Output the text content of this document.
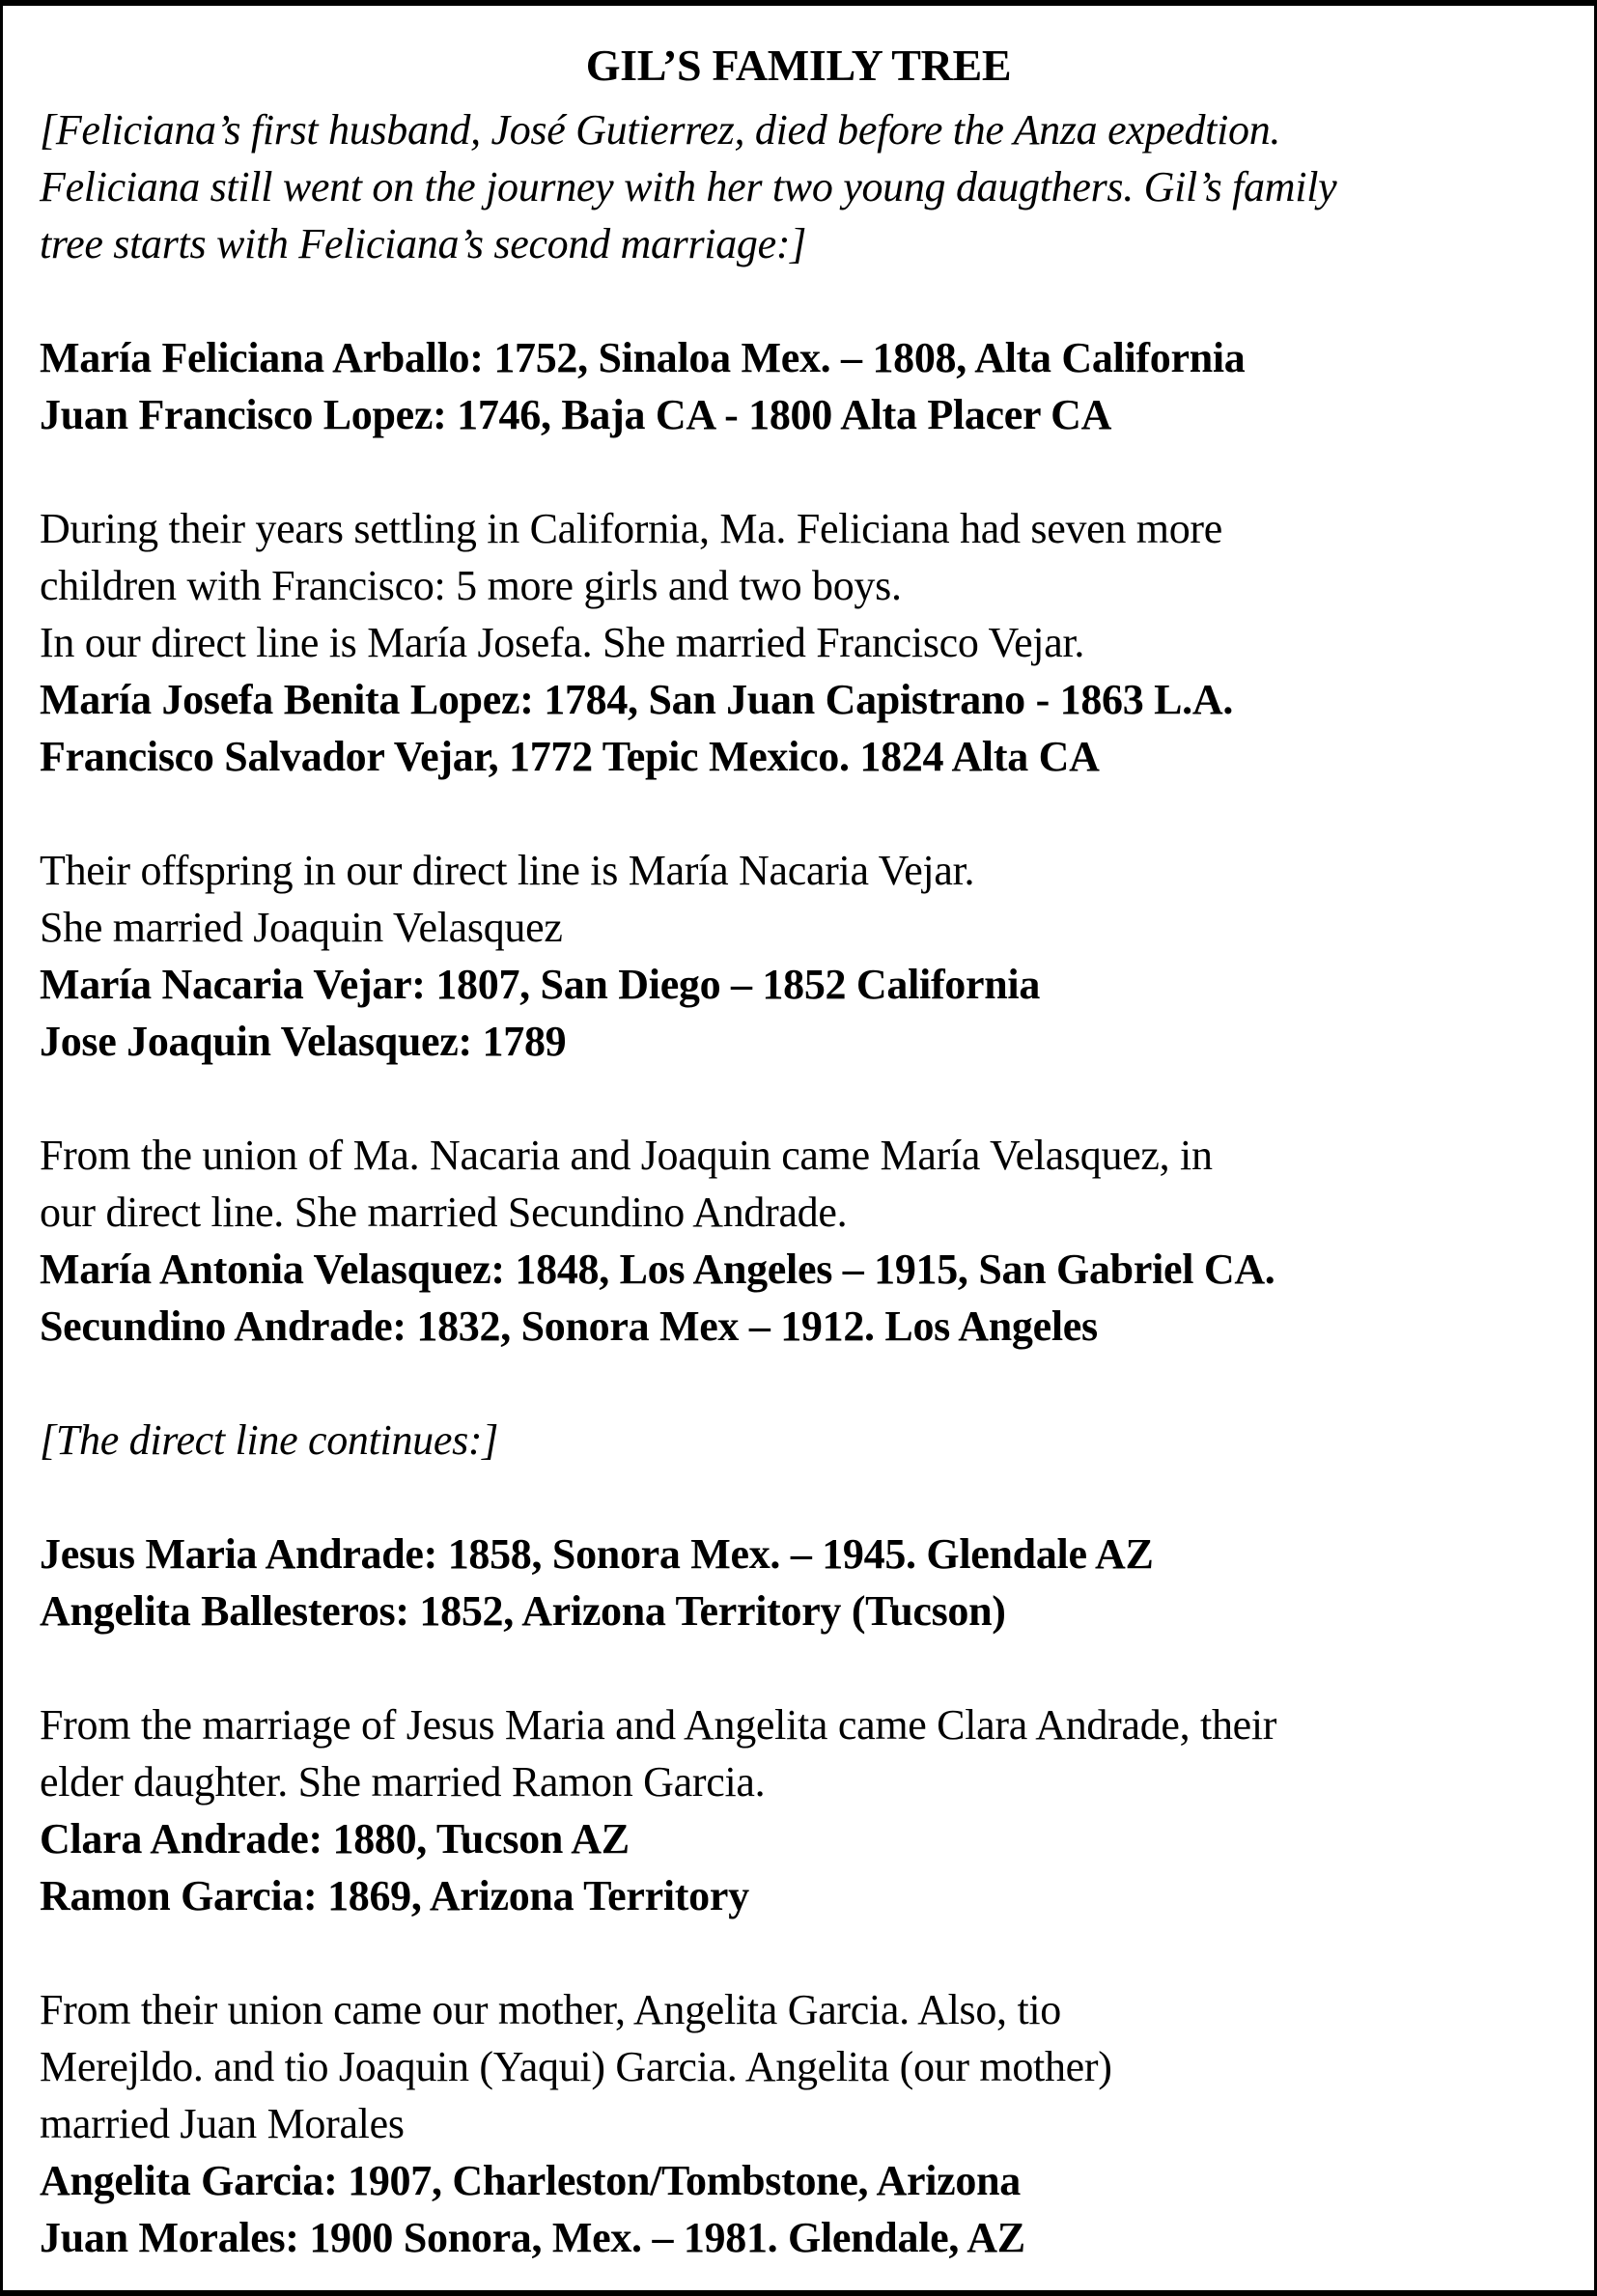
GIL’S FAMILY TREE
[Feliciana’s first husband, José Gutierrez, died before the Anza expedtion.
Feliciana still went on the journey with her two young daugthers. Gil’s family
tree starts with Feliciana’s second marriage:]

María Feliciana Arballo: 1752, Sinaloa Mex. – 1808, Alta California
Juan Francisco Lopez: 1746, Baja CA - 1800 Alta Placer CA

During their years settling in California, Ma. Feliciana had seven more
children with Francisco: 5 more girls and two boys.
In our direct line is María Josefa. She married Francisco Vejar.
María Josefa Benita Lopez: 1784, San Juan Capistrano - 1863 L.A.
Francisco Salvador Vejar, 1772 Tepic Mexico. 1824 Alta CA

Their offspring in our direct line is María Nacaria Vejar.
She married Joaquin Velasquez
María Nacaria Vejar: 1807, San Diego – 1852 California
Jose Joaquin Velasquez: 1789

From the union of Ma. Nacaria and Joaquin came María Velasquez, in
our direct line. She married Secundino Andrade.
María Antonia Velasquez: 1848, Los Angeles – 1915, San Gabriel CA.
Secundino Andrade: 1832, Sonora Mex – 1912. Los Angeles

[The direct line continues:]

Jesus Maria Andrade: 1858, Sonora Mex. – 1945. Glendale AZ
Angelita Ballesteros: 1852, Arizona Territory (Tucson)

From the marriage of Jesus Maria and Angelita came Clara Andrade, their
elder daughter. She married Ramon Garcia.
Clara Andrade: 1880, Tucson AZ
Ramon Garcia: 1869, Arizona Territory

From their union came our mother, Angelita Garcia. Also, tio
Merejldo. and tio Joaquin (Yaqui) Garcia. Angelita (our mother)
married Juan Morales
Angelita Garcia: 1907, Charleston/Tombstone, Arizona
Juan Morales: 1900 Sonora, Mex. – 1981. Glendale, AZ
